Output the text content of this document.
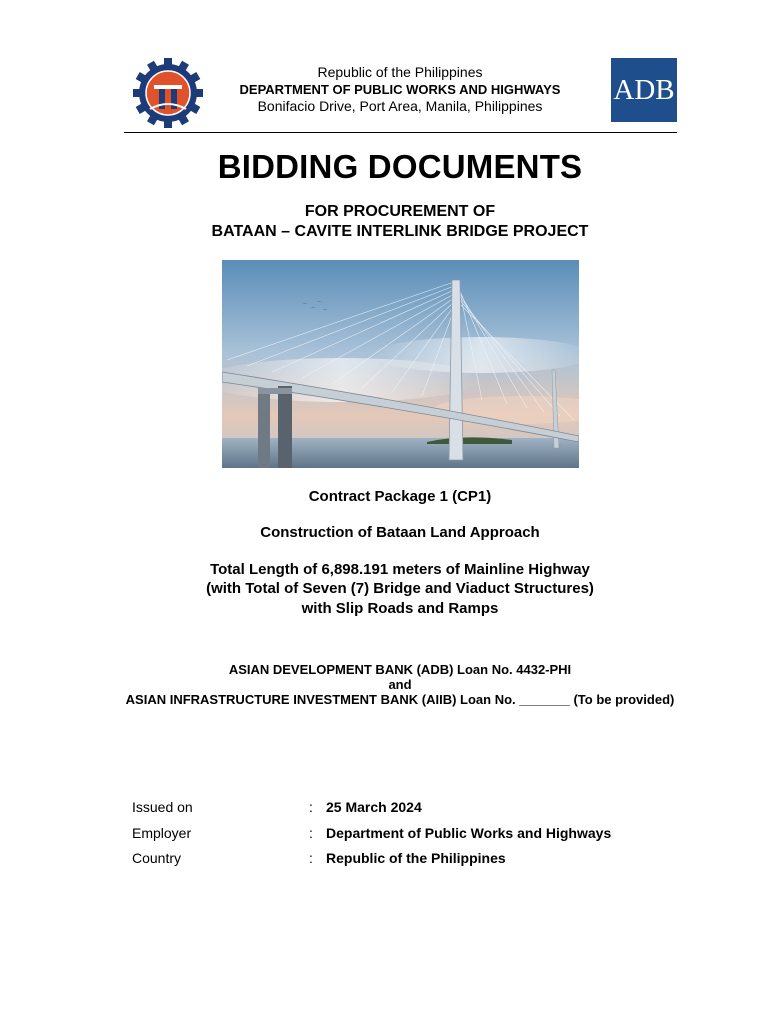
Republic of the Philippines
DEPARTMENT OF PUBLIC WORKS AND HIGHWAYS
Bonifacio Drive, Port Area, Manila, Philippines
ADB
BIDDING DOCUMENTS
FOR PROCUREMENT OF
BATAAN – CAVITE INTERLINK BRIDGE PROJECT
Contract Package 1 (CP1)
Construction of Bataan Land Approach
Total Length of 6,898.191 meters of Mainline Highway
(with Total of Seven (7) Bridge and Viaduct Structures)
with Slip Roads and Ramps
ASIAN DEVELOPMENT BANK (ADB) Loan No. 4432-PHI
and
ASIAN INFRASTRUCTURE INVESTMENT BANK (AIIB) Loan No. _______ (To be provided)
Issued on	: 25 March 2024
Employer	: Department of Public Works and Highways
Country	: Republic of the Philippines
